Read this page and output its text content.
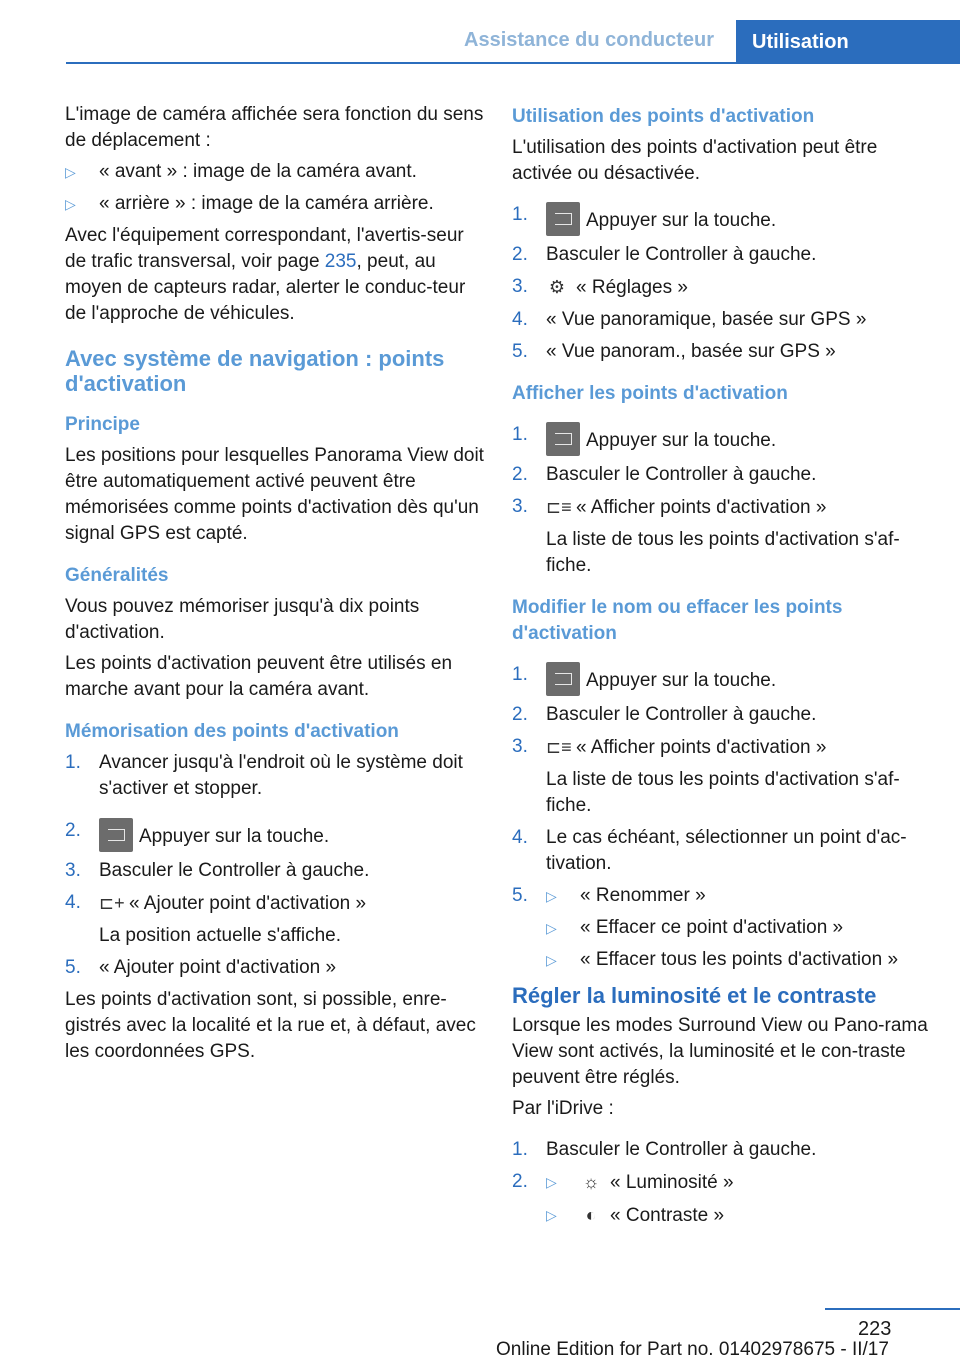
Assistance du conducteur	Utilisation

L'image de caméra affichée sera fonction du sens de déplacement :

▷	« avant » : image de la caméra avant.
▷	« arrière » : image de la caméra arrière.

Avec l'équipement correspondant, l'avertis-seur de trafic transversal, voir page 235, peut, au moyen de capteurs radar, alerter le conduc-teur de l'approche de véhicules.

Avec système de navigation : points d'activation
Principe

Les positions pour lesquelles Panorama View doit être automatiquement activé peuvent être mémorisées comme points d'activation dès qu'un signal GPS est capté.

Généralités

Vous pouvez mémoriser jusqu'à dix points d'activation.

Les points d'activation peuvent être utilisés en marche avant pour la caméra avant.

Mémorisation des points d'activation
1. Avancer jusqu'à l'endroit où le système doit s'activer et stopper.
2.	Appuyer sur la touche.
3. Basculer le Controller à gauche.
4.	⊏+ « Ajouter point d'activation »
La position actuelle s'affiche.
5. « Ajouter point d'activation »

Les points d'activation sont, si possible, enre-gistrés avec la localité et la rue et, à défaut, avec les coordonnées GPS.

Utilisation des points d'activation

L'utilisation des points d'activation peut être activée ou désactivée.

1.	Appuyer sur la touche.
2. Basculer le Controller à gauche.
3.	⚙ « Réglages »
4. « Vue panoramique, basée sur GPS »
5. « Vue panoram., basée sur GPS »
Afficher les points d'activation
1.	Appuyer sur la touche.
2. Basculer le Controller à gauche.
3.	⊏≡ « Afficher points d'activation »
La liste de tous les points d'activation s'af-fiche.
Modifier le nom ou effacer les points d'activation
1.	Appuyer sur la touche.
2. Basculer le Controller à gauche.
3.	⊏≡ « Afficher points d'activation »
La liste de tous les points d'activation s'af-fiche.
4. Le cas échéant, sélectionner un point d'ac-tivation.
5.	▷	« Renommer »
▷	« Effacer ce point d'activation »
▷	« Effacer tous les points d'activation »
Régler la luminosité et le contraste

Lorsque les modes Surround View ou Pano-rama View sont activés, la luminosité et le con-traste peuvent être réglés.

Par l'iDrive :

1. Basculer le Controller à gauche.
2.	▷	☼ « Luminosité »
▷	◐ « Contraste »
223
Online Edition for Part no. 01402978675 - II/17
